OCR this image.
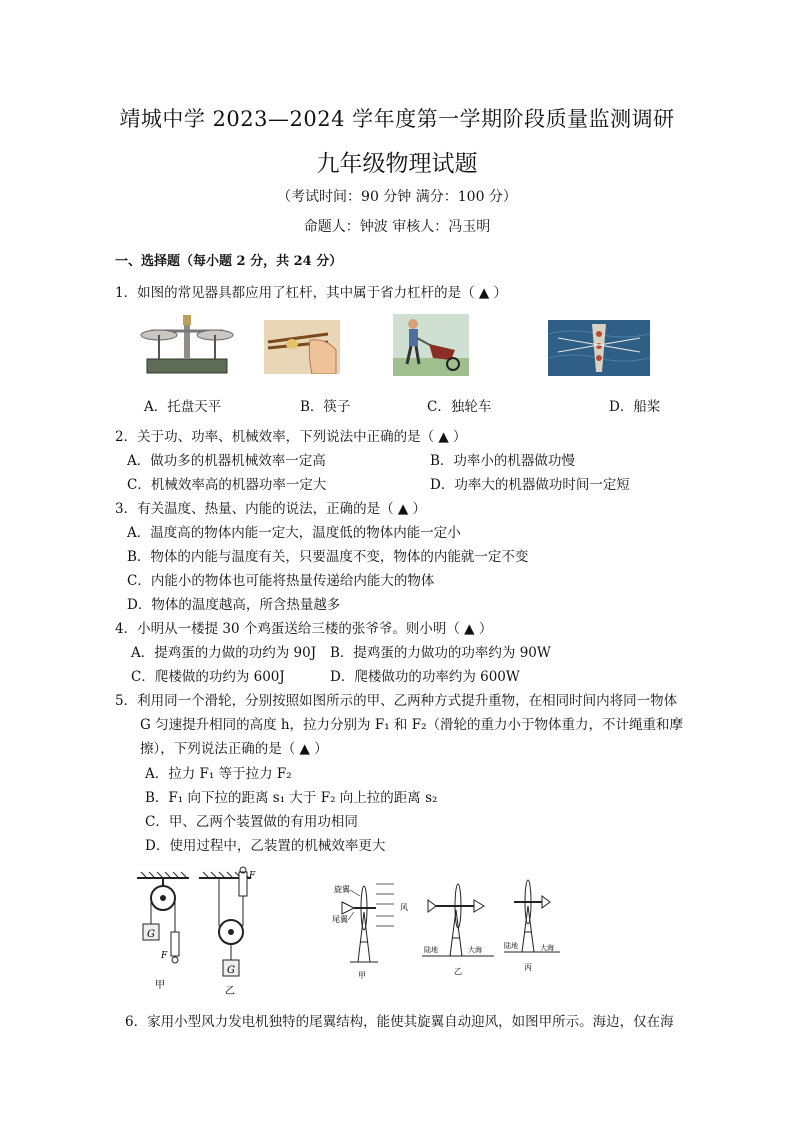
靖城中学 2023—2024 学年度第一学期阶段质量监测调研
九年级物理试题
（考试时间：90 分钟 满分：100 分）
命题人：钟波 审核人：冯玉明
一、选择题（每小题 2 分，共 24 分）
1．如图的常见器具都应用了杠杆，其中属于省力杠杆的是（ ▲ ）
A．托盘天平	B．筷子	C．独轮车	D．船桨
2．关于功、功率、机械效率，下列说法中正确的是（ ▲ ）
A．做功多的机器机械效率一定高	B．功率小的机器做功慢
C．机械效率高的机器功率一定大	D．功率大的机器做功时间一定短
3．有关温度、热量、内能的说法，正确的是（ ▲ ）
A．温度高的物体内能一定大，温度低的物体内能一定小
B．物体的内能与温度有关，只要温度不变，物体的内能就一定不变
C．内能小的物体也可能将热量传递给内能大的物体
D．物体的温度越高，所含热量越多
4．小明从一楼提 30 个鸡蛋送给三楼的张爷爷。则小明（ ▲ ）
A．提鸡蛋的力做的功约为 90J B．提鸡蛋的力做功的功率约为 90W
C．爬楼做的功约为 600J	D．爬楼做功的功率约为 600W
5．利用同一个滑轮，分别按照如图所示的甲、乙两种方式提升重物，在相同时间内将同一物体
G 匀速提升相同的高度 h，拉力分别为 F₁ 和 F₂（滑轮的重力小于物体重力，不计绳重和摩
擦），下列说法正确的是（ ▲ ）
A．拉力 F₁ 等于拉力 F₂
B．F₁ 向下拉的距离 s₁ 大于 F₂ 向上拉的距离 s₂
C．甲、乙两个装置做的有用功相同
D．使用过程中，乙装置的机械效率更大
G
F
甲
F
G
乙
旋翼
尾翼
风
甲
陆地	大海
乙
陆地	大海
丙
6．家用小型风力发电机独特的尾翼结构，能使其旋翼自动迎风，如图甲所示。海边，仅在海
